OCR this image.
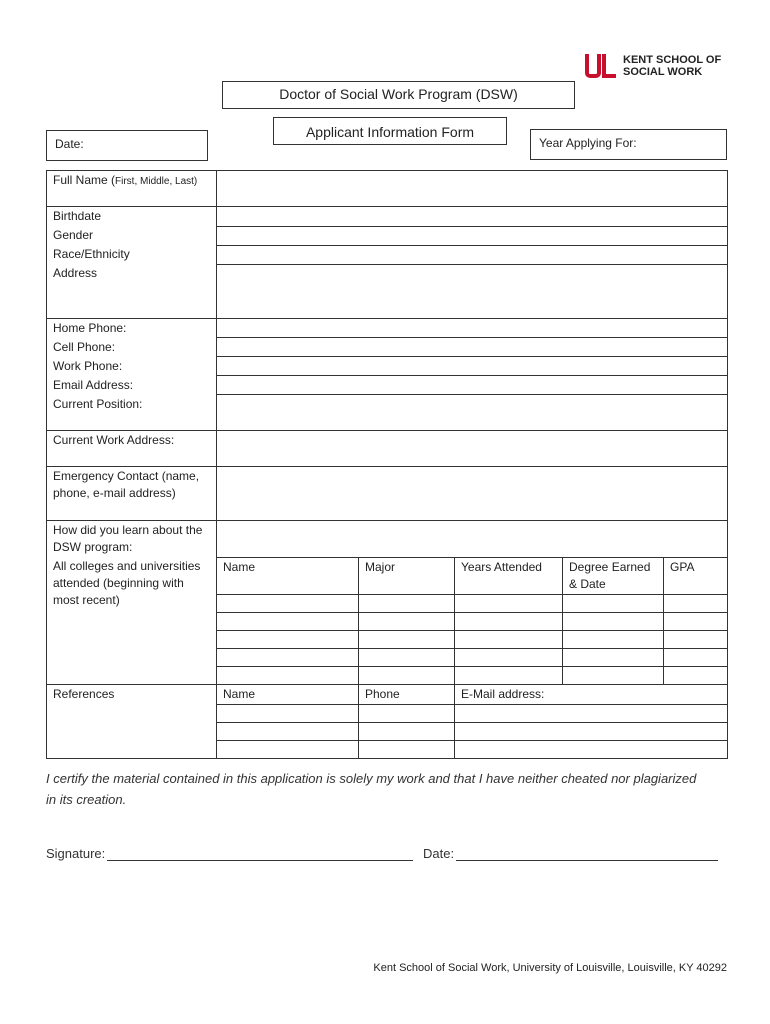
KENT SCHOOL OF
SOCIAL WORK
Doctor of Social Work Program (DSW)
Applicant Information Form
Date:	Year Applying For:
Full Name (First, Middle, Last)					
Birthdate					
Gender					
Race/Ethnicity					
Address					
Home Phone:					
Cell Phone:					
Work Phone:					
Email Address:					
Current Position:					
Current Work Address:					
Emergency Contact (name, phone, e-mail address)					
How did you learn about the DSW program:					
All colleges and universities attended (beginning with most recent)	Name	Major	Years Attended	Degree Earned & Date	GPA

References	Name	Phone	E-Mail address:		

I certify the material contained in this application is solely my work and that I have neither cheated nor plagiarized in its creation.
Signature:	Date:
Kent School of Social Work, University of Louisville, Louisville, KY 40292
